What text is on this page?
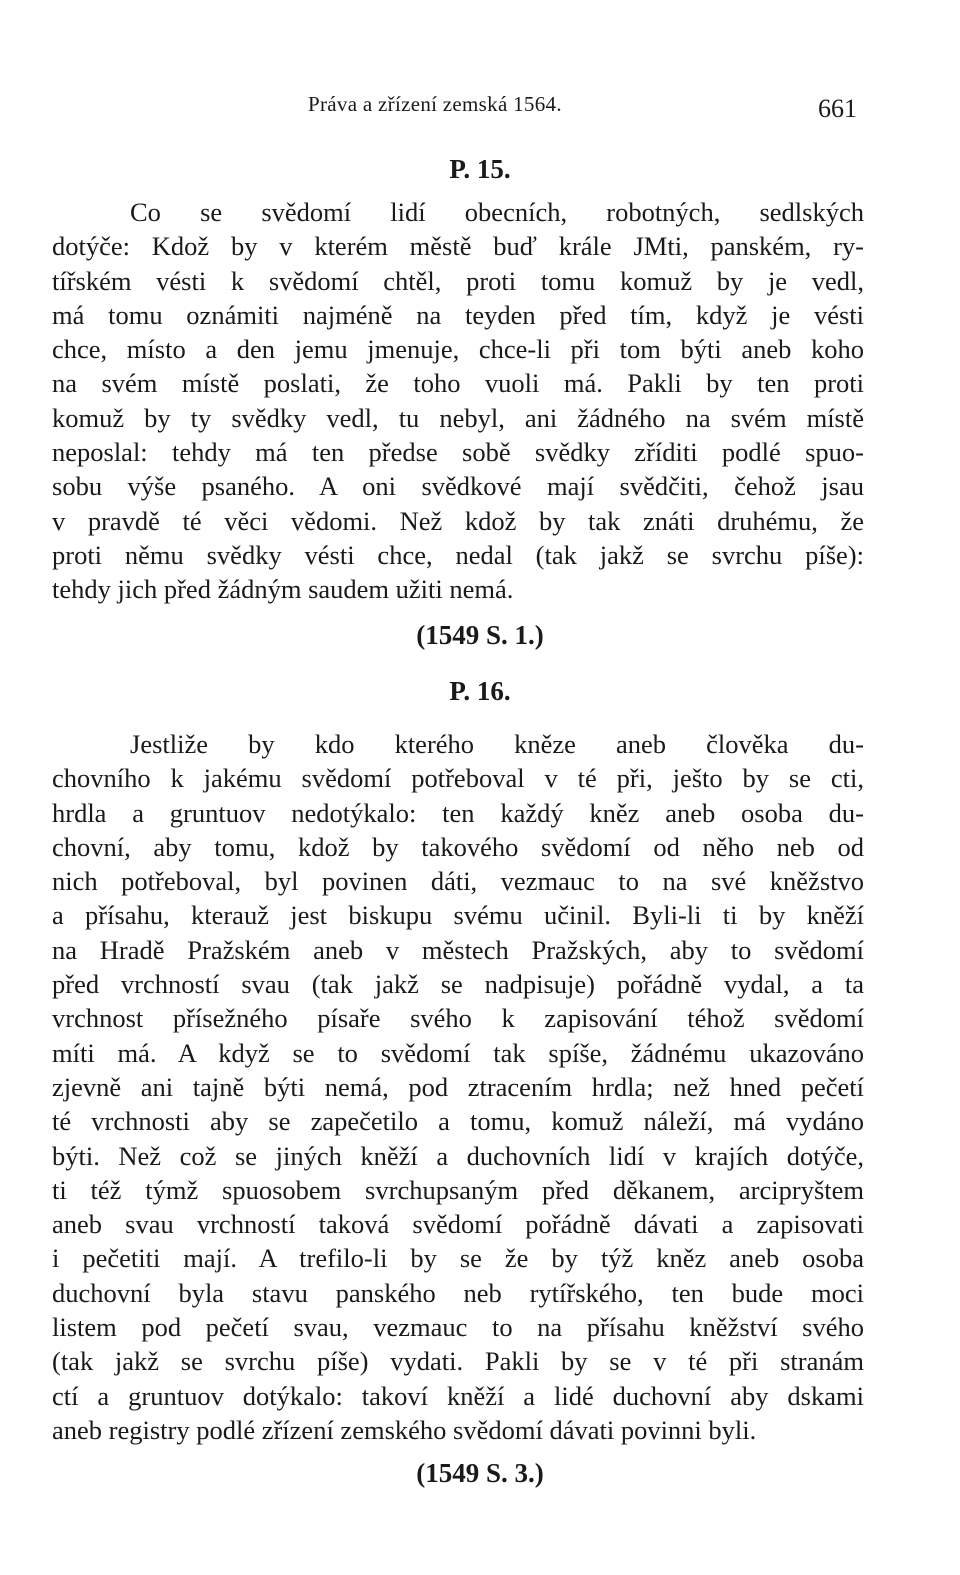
Práva a zřízení zemská 1564.	661
P. 15.
Co se svědomí lidí obecních, robotných, sedlských
dotýče: Kdož by v kterém městě buď krále JMti, panském, ry-
tířském vésti k svědomí chtěl, proti tomu komuž by je vedl,
má tomu oznámiti najméně na teyden před tím, když je vésti
chce, místo a den jemu jmenuje, chce-li při tom býti aneb koho
na svém místě poslati, že toho vuoli má. Pakli by ten proti
komuž by ty svědky vedl, tu nebyl, ani žádného na svém místě
neposlal: tehdy má ten předse sobě svědky zříditi podlé spuo-
sobu výše psaného. A oni svědkové mají svědčiti, čehož jsau
v pravdě té věci vědomi. Než kdož by tak znáti druhému, že
proti němu svědky vésti chce, nedal (tak jakž se svrchu píše):
tehdy jich před žádným saudem užiti nemá.
(1549 S. 1.)
P. 16.
Jestliže by kdo kterého kněze aneb člověka du-
chovního k jakému svědomí potřeboval v té při, ješto by se cti,
hrdla a gruntuov nedotýkalo: ten každý kněz aneb osoba du-
chovní, aby tomu, kdož by takového svědomí od něho neb od
nich potřeboval, byl povinen dáti, vezmauc to na své kněžstvo
a přísahu, kterauž jest biskupu svému učinil. Byli-li ti by kněží
na Hradě Pražském aneb v městech Pražských, aby to svědomí
před vrchností svau (tak jakž se nadpisuje) pořádně vydal, a ta
vrchnost přísežného písaře svého k zapisování téhož svědomí
míti má. A když se to svědomí tak spíše, žádnému ukazováno
zjevně ani tajně býti nemá, pod ztracením hrdla; než hned pečetí
té vrchnosti aby se zapečetilo a tomu, komuž náleží, má vydáno
býti. Než což se jiných kněží a duchovních lidí v krajích dotýče,
ti též týmž spuosobem svrchupsaným před děkanem, arcipryštem
aneb svau vrchností taková svědomí pořádně dávati a zapisovati
i pečetiti mají. A trefilo-li by se že by týž kněz aneb osoba
duchovní byla stavu panského neb rytířského, ten bude moci
listem pod pečetí svau, vezmauc to na přísahu kněžství svého
(tak jakž se svrchu píše) vydati. Pakli by se v té při stranám
ctí a gruntuov dotýkalo: takoví kněží a lidé duchovní aby dskami
aneb registry podlé zřízení zemského svědomí dávati povinni byli.
(1549 S. 3.)
